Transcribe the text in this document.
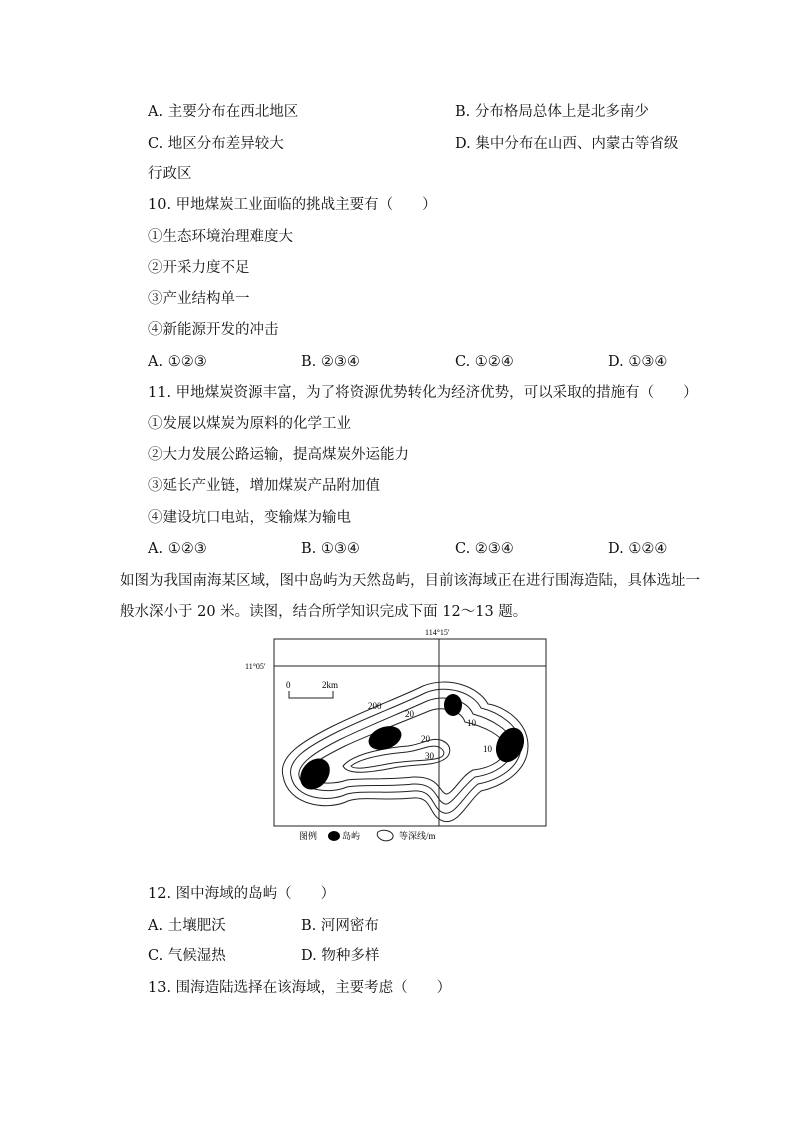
A. 主要分布在西北地区	B. 分布格局总体上是北多南少
C. 地区分布差异较大	D. 集中分布在山西、内蒙古等省级
行政区
10. 甲地煤炭工业面临的挑战主要有（　　）
①生态环境治理难度大
②开采力度不足
③产业结构单一
④新能源开发的冲击
A. ①②③	B. ②③④	C. ①②④	D. ①③④
11. 甲地煤炭资源丰富，为了将资源优势转化为经济优势，可以采取的措施有（　　）
①发展以煤炭为原料的化学工业
②大力发展公路运输，提高煤炭外运能力
③延长产业链，增加煤炭产品附加值
④建设坑口电站，变输煤为输电
A. ①②③	B. ①③④	C. ②③④	D. ①②④
如图为我国南海某区域，图中岛屿为天然岛屿，目前该海域正在进行围海造陆，具体选址一
般水深小于 20 米。读图，结合所学知识完成下面 12～13 题。
114°15′
11°05′
0	2km
200
20
10
20
30
10
图例	岛屿	等深线/m
12. 图中海域的岛屿（　　）
A. 土壤肥沃	B. 河网密布
C. 气候湿热	D. 物种多样
13. 围海造陆选择在该海域，主要考虑（　　）
